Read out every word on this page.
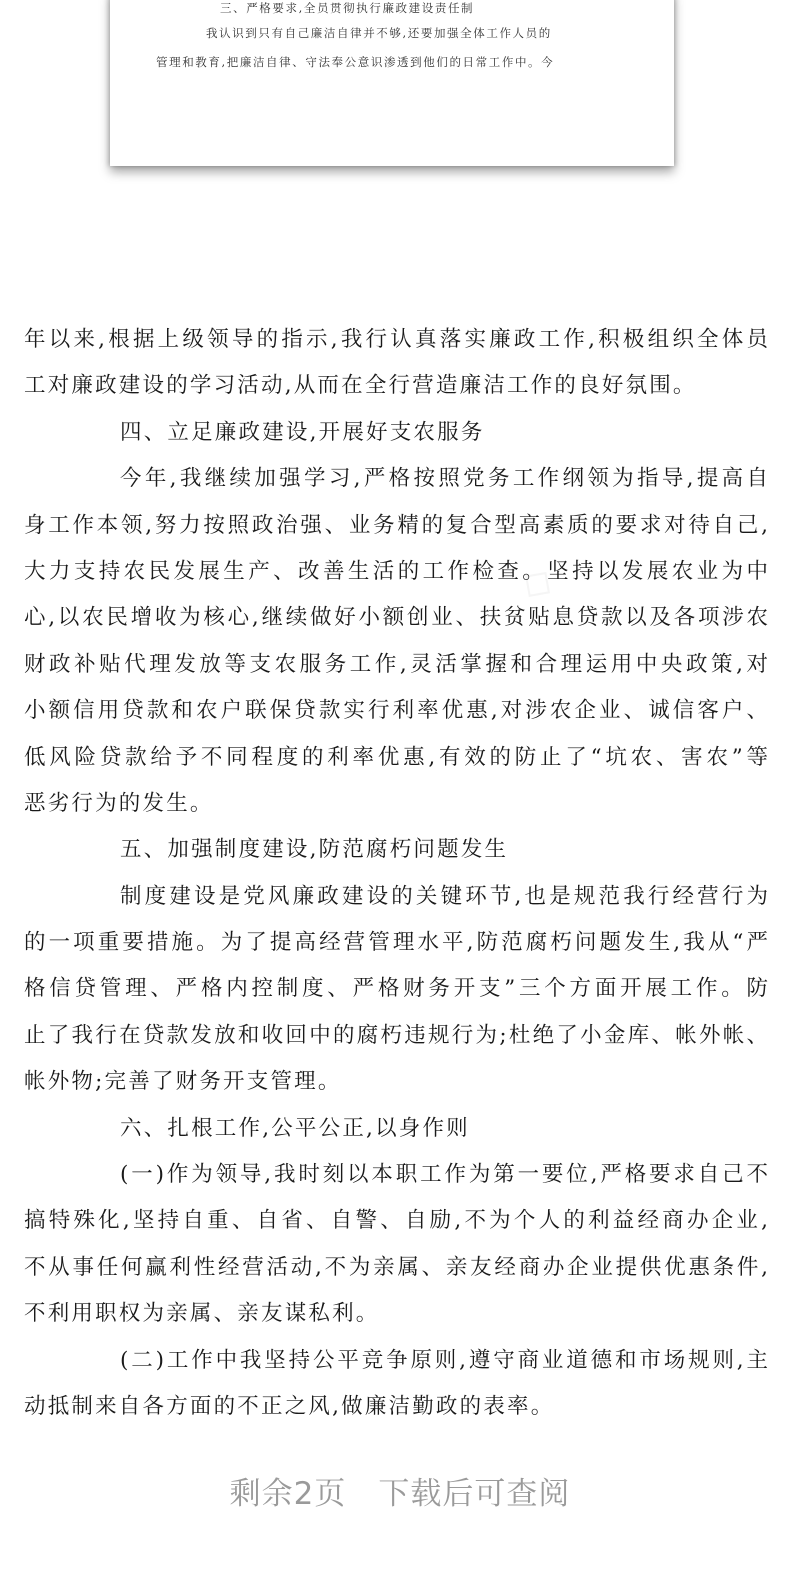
三、严格要求,全员贯彻执行廉政建设责任制
我认识到只有自己廉洁自律并不够,还要加强全体工作人员的
管理和教育,把廉洁自律、守法奉公意识渗透到他们的日常工作中。今
年以来,根据上级领导的指示,我行认真落实廉政工作,积极组织全体员
工对廉政建设的学习活动,从而在全行营造廉洁工作的良好氛围。
四、立足廉政建设,开展好支农服务
今年,我继续加强学习,严格按照党务工作纲领为指导,提高自
身工作本领,努力按照政治强、业务精的复合型高素质的要求对待自己,
大力支持农民发展生产、改善生活的工作检查。坚持以发展农业为中
心,以农民增收为核心,继续做好小额创业、扶贫贴息贷款以及各项涉农
财政补贴代理发放等支农服务工作,灵活掌握和合理运用中央政策,对
小额信用贷款和农户联保贷款实行利率优惠,对涉农企业、诚信客户、
低风险贷款给予不同程度的利率优惠,有效的防止了“坑农、害农”等
恶劣行为的发生。
五、加强制度建设,防范腐朽问题发生
制度建设是党风廉政建设的关键环节,也是规范我行经营行为
的一项重要措施。为了提高经营管理水平,防范腐朽问题发生,我从“严
格信贷管理、严格内控制度、严格财务开支”三个方面开展工作。防
止了我行在贷款发放和收回中的腐朽违规行为;杜绝了小金库、帐外帐、
帐外物;完善了财务开支管理。
六、扎根工作,公平公正,以身作则
(一)作为领导,我时刻以本职工作为第一要位,严格要求自己不
搞特殊化,坚持自重、自省、自警、自励,不为个人的利益经商办企业,
不从事任何赢利性经营活动,不为亲属、亲友经商办企业提供优惠条件,
不利用职权为亲属、亲友谋私利。
(二)工作中我坚持公平竞争原则,遵守商业道德和市场规则,主
动抵制来自各方面的不正之风,做廉洁勤政的表率。
剩余2页 下载后可查阅
